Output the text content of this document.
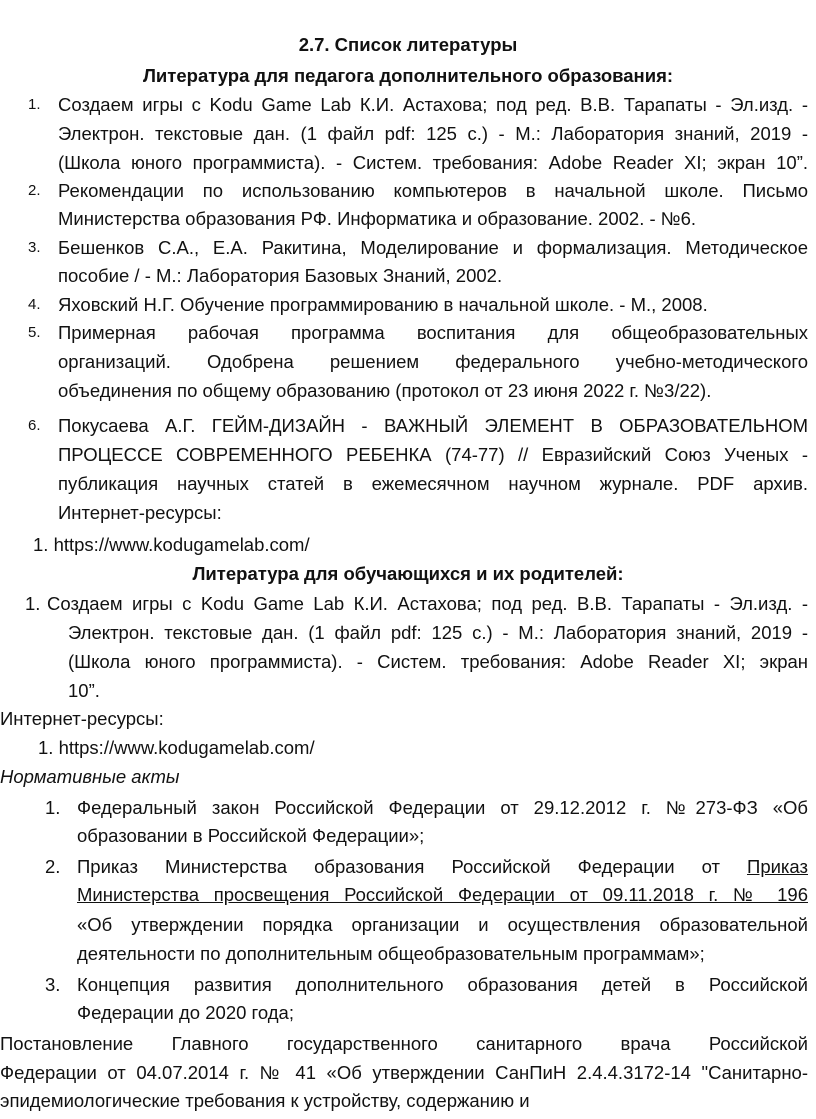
2.7. Список литературы
Литература для педагога дополнительного образования:
1. Создаем игры с Kodu Game Lab К.И. Астахова; под ред. В.В. Тарапаты - Эл.изд. -
Электрон. текстовые дан. (1 файл pdf: 125 с.) - М.: Лаборатория знаний, 2019 -
(Школа юного программиста). - Систем. требования: Adobe Reader XI; экран 10”.
2. Рекомендации по использованию компьютеров в начальной школе. Письмо
Министерства образования РФ. Информатика и образование. 2002. - №6.
3. Бешенков С.А., Е.А. Ракитина, Моделирование и формализация. Методическое
пособие / - М.: Лаборатория Базовых Знаний, 2002.
4. Яховский Н.Г. Обучение программированию в начальной школе. - М., 2008.
5. Примерная рабочая программа воспитания для общеобразовательных
организаций. Одобрена решением федерального учебно-методического
объединения по общему образованию (протокол от 23 июня 2022 г. №3/22).
6. Покусаева А.Г. ГЕЙМ-ДИЗАЙН - ВАЖНЫЙ ЭЛЕМЕНТ В ОБРАЗОВАТЕЛЬНОМ
ПРОЦЕССЕ СОВРЕМЕННОГО РЕБЕНКА (74-77) // Евразийский Союз Ученых -
публикация научных статей в ежемесячном научном журнале. PDF архив.
Интернет-ресурсы:
1. https://www.kodugamelab.com/
Литература для обучающихся и их родителей:
1. Создаем игры с Kodu Game Lab К.И. Астахова; под ред. В.В. Тарапаты - Эл.изд. -
Электрон. текстовые дан. (1 файл pdf: 125 с.) - М.: Лаборатория знаний, 2019 -
(Школа юного программиста). - Систем. требования: Adobe Reader XI; экран
10”.
Интернет-ресурсы:
1. https://www.kodugamelab.com/
Нормативные акты
1. Федеральный закон Российской Федерации от 29.12.2012 г. №273-ФЗ «Об
образовании в Российской Федерации»;
2. Приказ Министерства образования Российской Федерации от Приказ
Министерства просвещения Российской Федерации от 09.11.2018 г. № 196
«Об утверждении порядка организации и осуществления образовательной
деятельности по дополнительным общеобразовательным программам»;
3. Концепция развития дополнительного образования детей в Российской
Федерации до 2020 года;
Постановление Главного государственного санитарного врача Российской
Федерации от 04.07.2014 г. № 41 «Об утверждении СанПиН 2.4.4.3172-14 "Санитарно-
эпидемиологические требования к устройству, содержанию и
